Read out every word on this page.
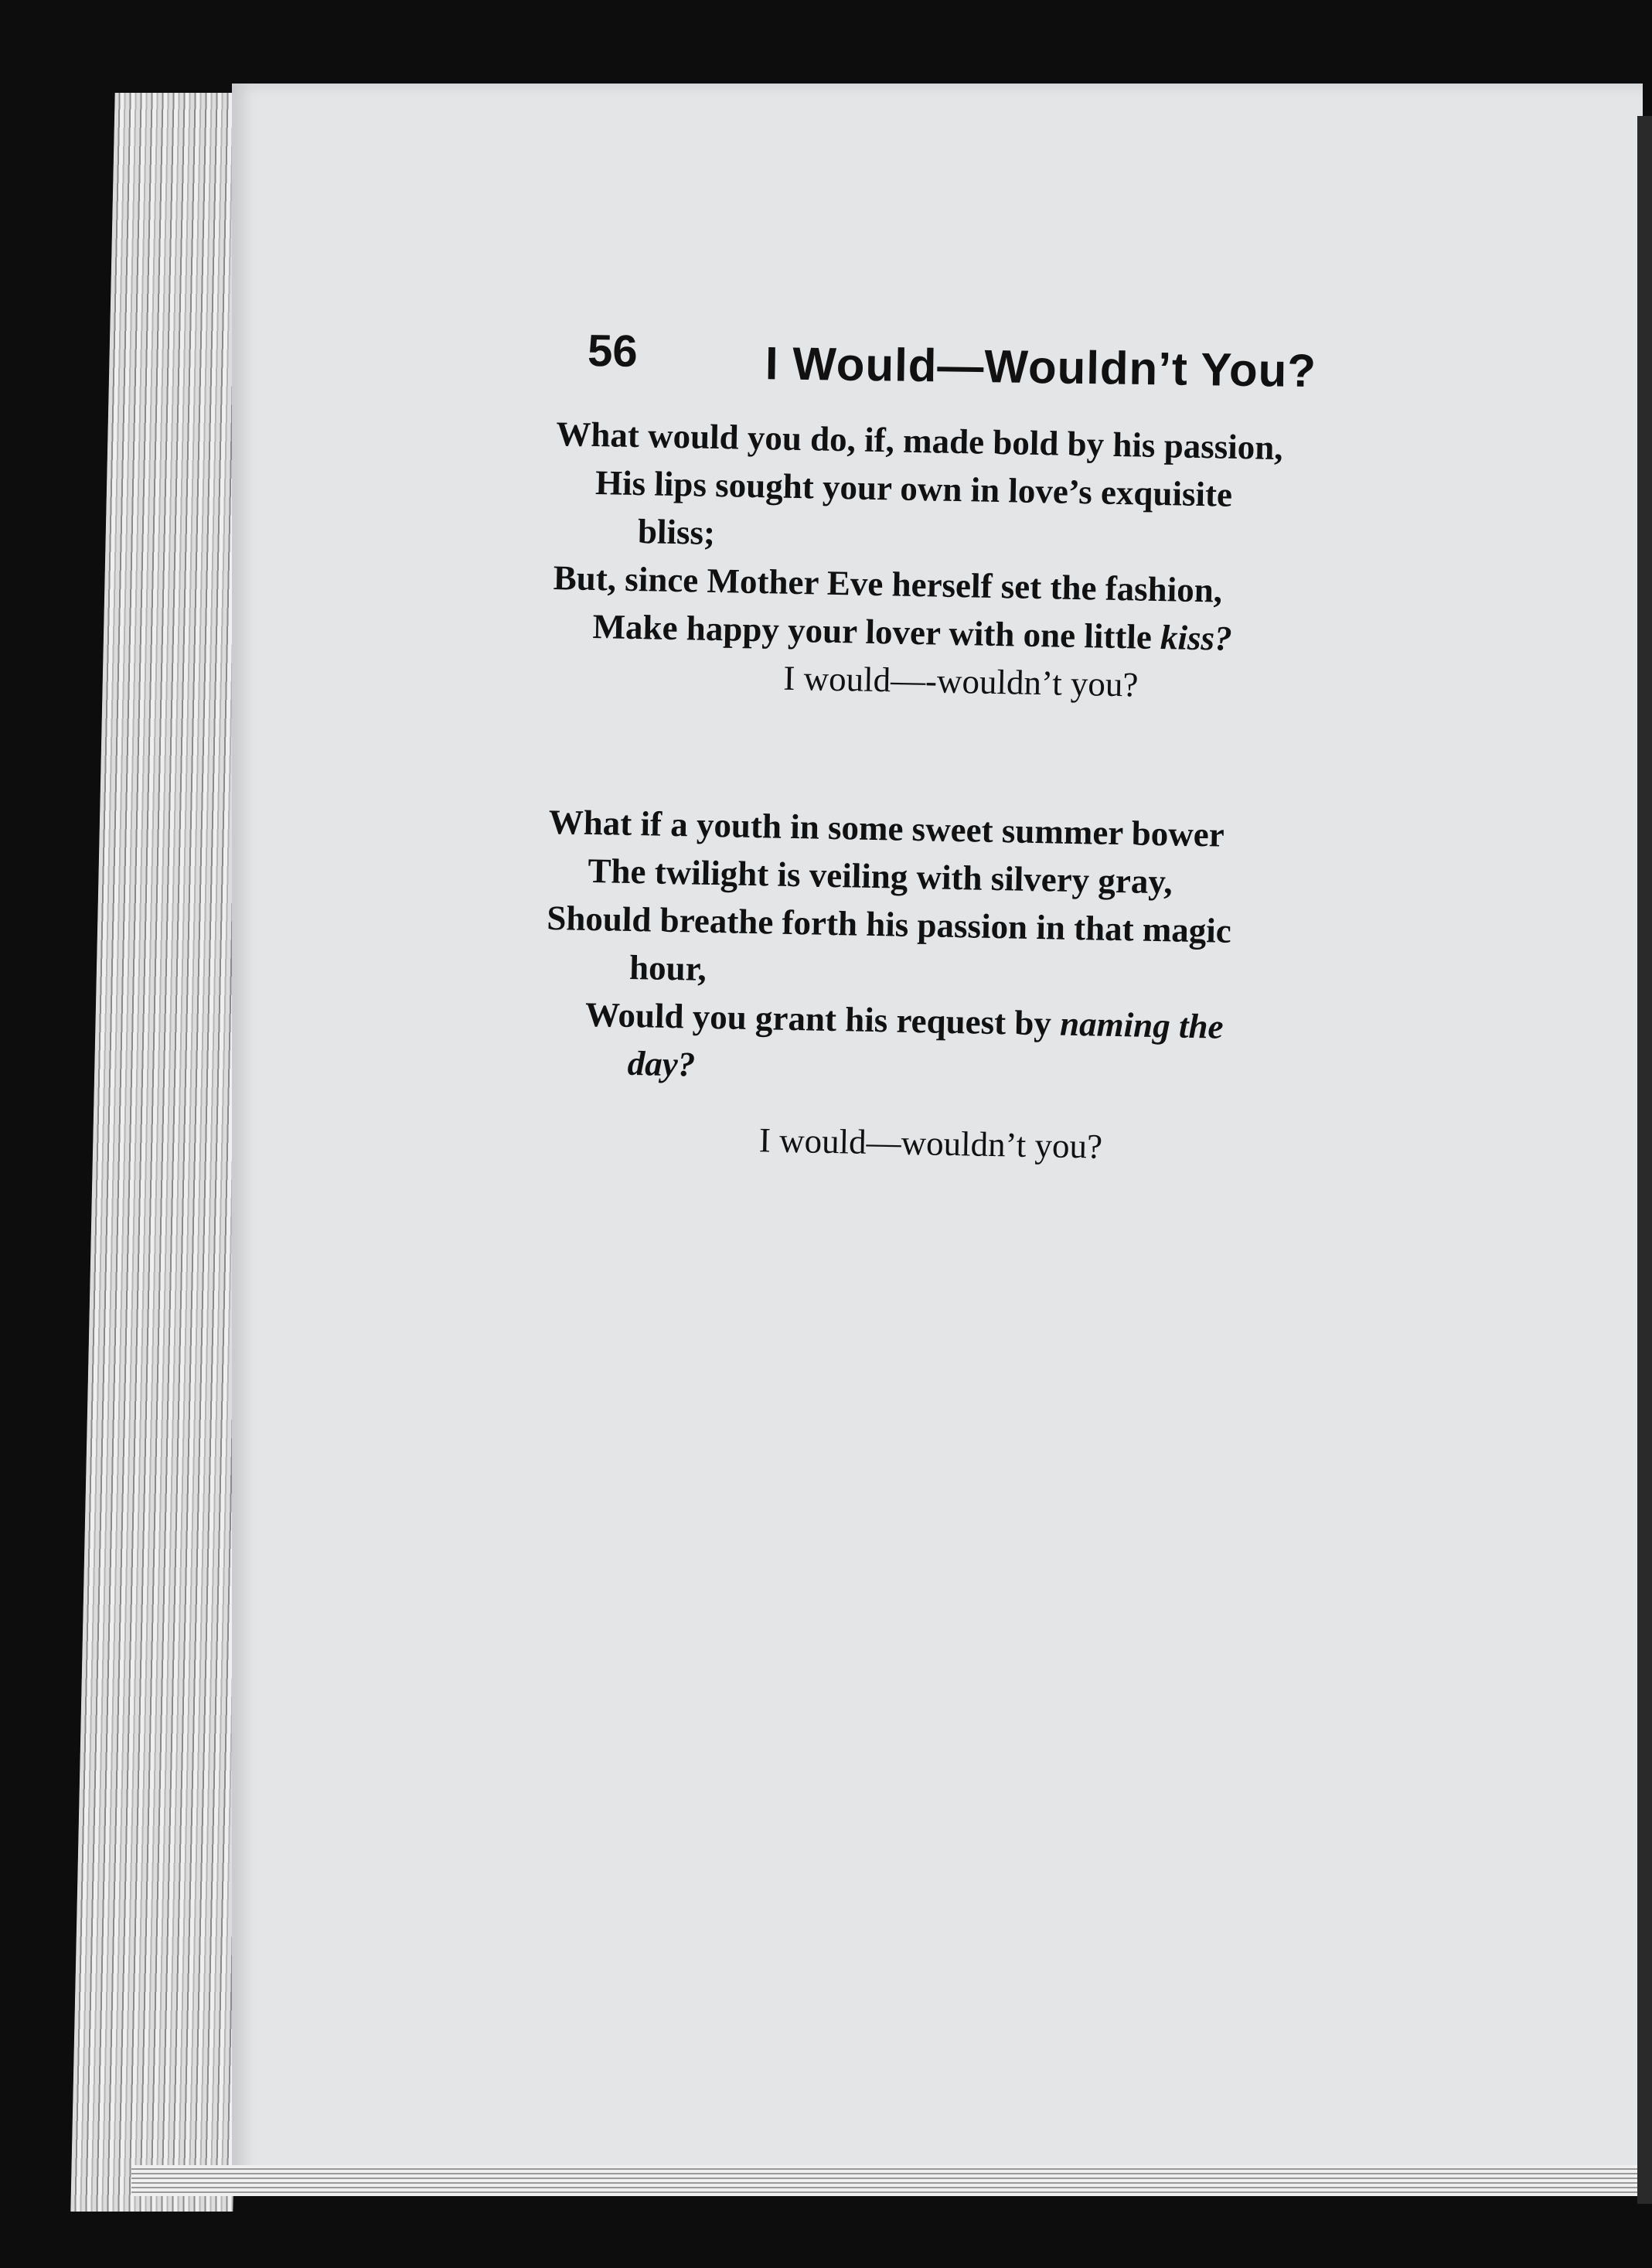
56	I Would—Wouldn’t You?
What would you do, if, made bold by his passion,
His lips sought your own in love’s exquisite
bliss;
But, since Mother Eve herself set the fashion,
Make happy your lover with one little kiss?
I would—-wouldn’t you?
What if a youth in some sweet summer bower
The twilight is veiling with silvery gray,
Should breathe forth his passion in that magic
hour,
Would you grant his request by naming the
day?
I would—wouldn’t you?
